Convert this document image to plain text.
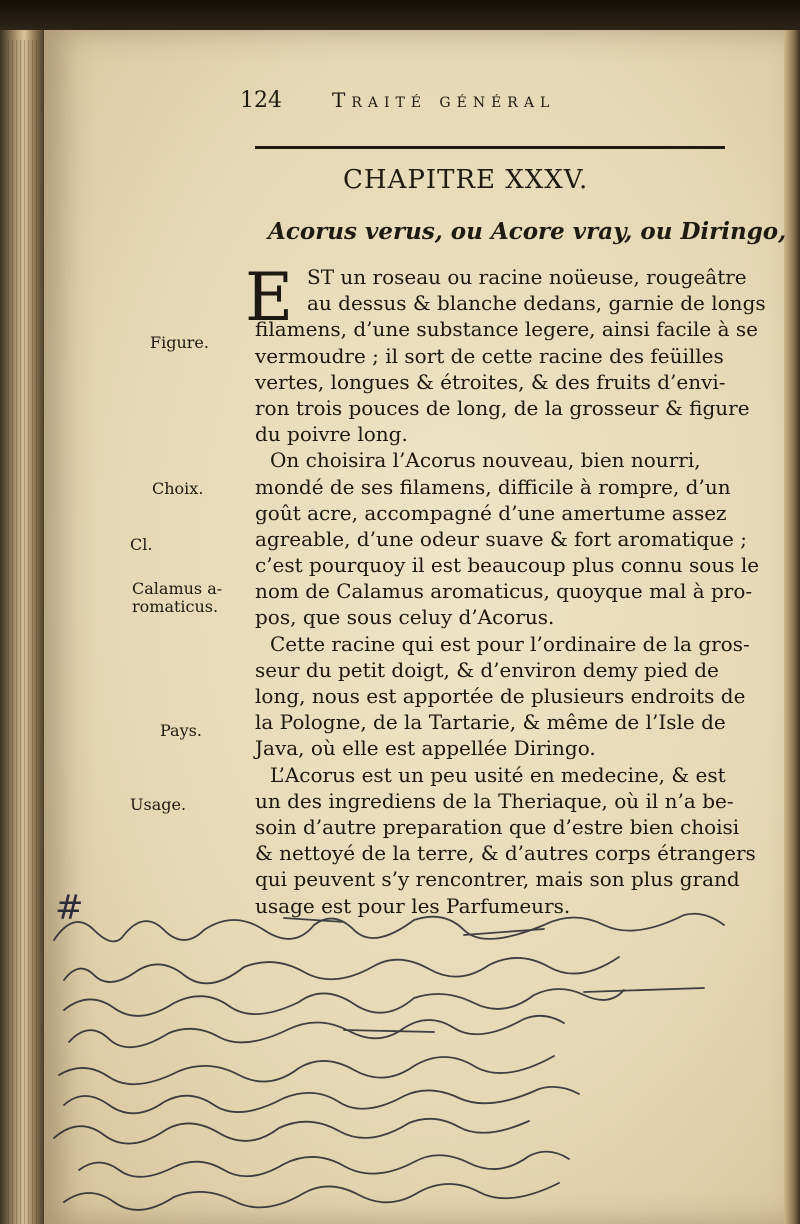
124	Traité général
CHAPITRE XXXV.
Acorus verus, ou Acore vray, ou Diringo,
E ST un roseau ou racine noüeuse, rougeâtre
au dessus & blanche dedans, garnie de longs
filamens, d’une substance legere, ainsi facile à se
vermoudre ; il sort de cette racine des feüilles
vertes, longues & étroites, & des fruits d’envi-
ron trois pouces de long, de la grosseur & figure
du poivre long.
On choisira l’Acorus nouveau, bien nourri,
mondé de ses filamens, difficile à rompre, d’un
goût acre, accompagné d’une amertume assez
agreable, d’une odeur suave & fort aromatique ;
c’est pourquoy il est beaucoup plus connu sous le
nom de Calamus aromaticus, quoyque mal à pro-
pos, que sous celuy d’Acorus.
Cette racine qui est pour l’ordinaire de la gros-
seur du petit doigt, & d’environ demy pied de
long, nous est apportée de plusieurs endroits de
la Pologne, de la Tartarie, & même de l’Isle de
Java, où elle est appellée Diringo.
L’Acorus est un peu usité en medecine, & est
un des ingrediens de la Theriaque, où il n’a be-
soin d’autre preparation que d’estre bien choisi
& nettoyé de la terre, & d’autres corps étrangers
qui peuvent s’y rencontrer, mais son plus grand
usage est pour les Parfumeurs.
Figure.
Choix.
Cl.
Calamus a-
romaticus.
Pays.
Usage.
#
